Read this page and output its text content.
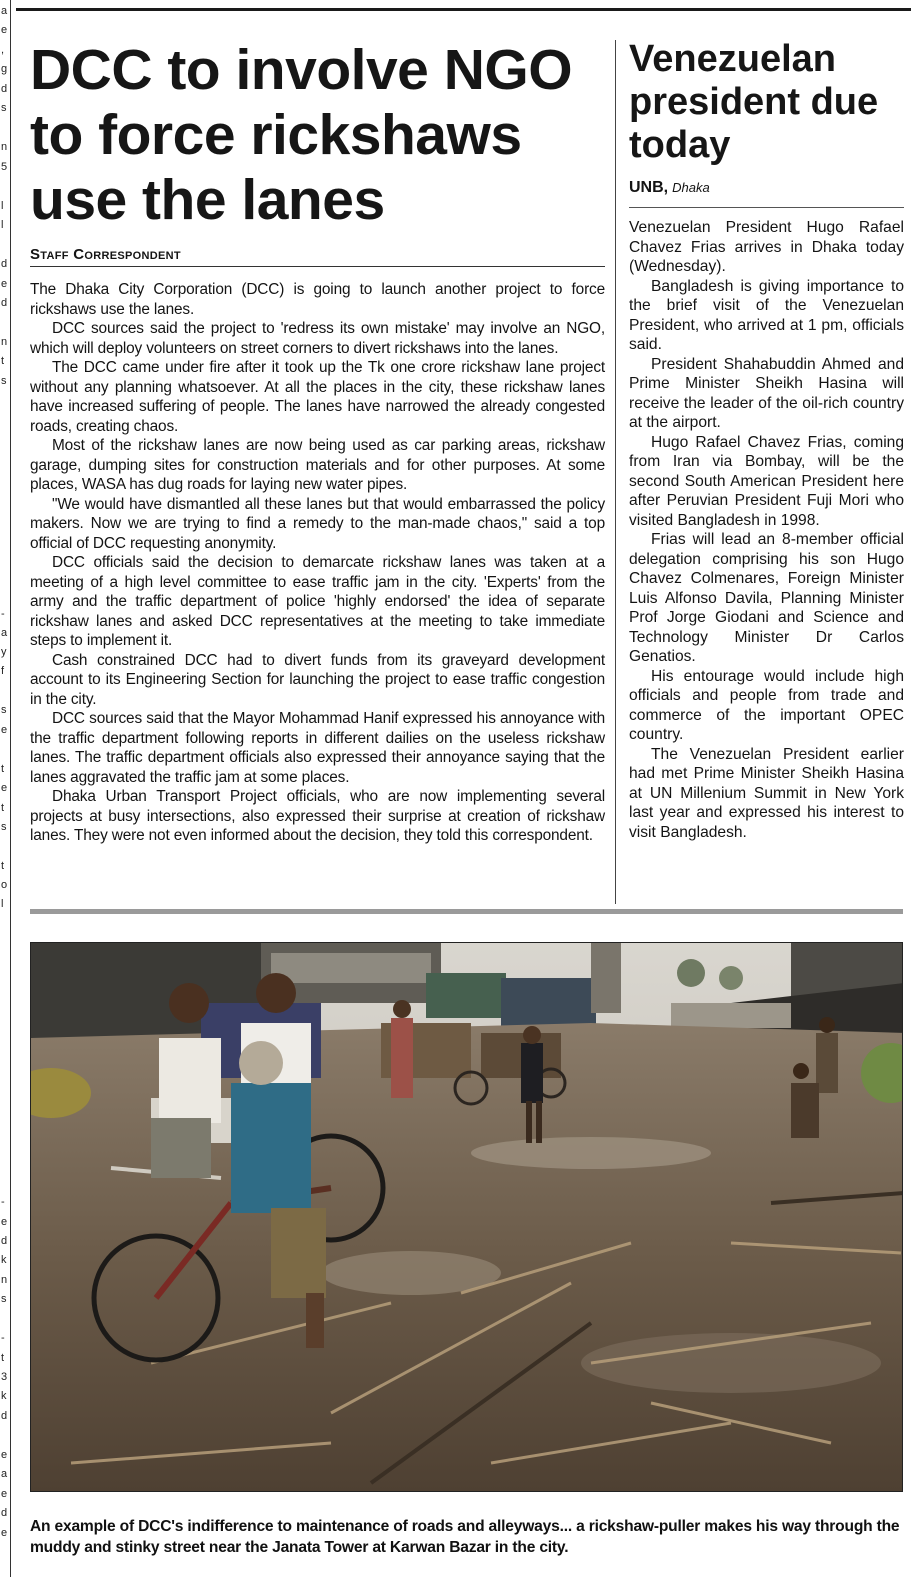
a
e
,
g
d
s
n
5
l
l
d
e
d
n
t
s
-
a
y
f
s
e
t
e
t
s
t
o
l
-
e
d
k
n
s
-
t
3
k
d
e
a
e
d
e
DCC to involve NGO to force rickshaws use the lanes
Staff Correspondent

The Dhaka City Corporation (DCC) is going to launch another project to force rickshaws use the lanes.

DCC sources said the project to 'redress its own mistake' may involve an NGO, which will deploy volunteers on street corners to divert rickshaws into the lanes.

The DCC came under fire after it took up the Tk one crore rickshaw lane project without any planning whatsoever. At all the places in the city, these rickshaw lanes have increased suffering of people. The lanes have narrowed the already congested roads, creating chaos.

Most of the rickshaw lanes are now being used as car parking areas, rickshaw garage, dumping sites for construction materials and for other purposes. At some places, WASA has dug roads for laying new water pipes.

"We would have dismantled all these lanes but that would embarrassed the policy makers. Now we are trying to find a remedy to the man-made chaos," said a top official of DCC requesting anonymity.

DCC officials said the decision to demarcate rickshaw lanes was taken at a meeting of a high level committee to ease traffic jam in the city. 'Experts' from the army and the traffic department of police 'highly endorsed' the idea of separate rickshaw lanes and asked DCC representatives at the meeting to take immediate steps to implement it.

Cash constrained DCC had to divert funds from its graveyard development account to its Engineering Section for launching the project to ease traffic congestion in the city.

DCC sources said that the Mayor Mohammad Hanif expressed his annoyance with the traffic department following reports in different dailies on the useless rickshaw lanes. The traffic department officials also expressed their annoyance saying that the lanes aggravated the traffic jam at some places.

Dhaka Urban Transport Project officials, who are now implementing several projects at busy intersections, also expressed their surprise at creation of rickshaw lanes. They were not even informed about the decision, they told this correspondent.

Venezuelan president due today
UNB, Dhaka

Venezuelan President Hugo Rafael Chavez Frias arrives in Dhaka today (Wednesday).

Bangladesh is giving importance to the brief visit of the Venezuelan President, who arrived at 1 pm, officials said.

President Shahabuddin Ahmed and Prime Minister Sheikh Hasina will receive the leader of the oil-rich country at the airport.

Hugo Rafael Chavez Frias, coming from Iran via Bombay, will be the second South American President here after Peruvian President Fuji Mori who visited Bangladesh in 1998.

Frias will lead an 8-member official delegation comprising his son Hugo Chavez Colmenares, Foreign Minister Luis Alfonso Davila, Planning Minister Prof Jorge Giodani and Science and Technology Minister Dr Carlos Genatios.

His entourage would include high officials and people from trade and commerce of the important OPEC country.

The Venezuelan President earlier had met Prime Minister Sheikh Hasina at UN Millenium Summit in New York last year and expressed his interest to visit Bangladesh.

An example of DCC's indifference to maintenance of roads and alleyways... a rickshaw-puller makes his way through the muddy and stinky street near the Janata Tower at Karwan Bazar in the city.
